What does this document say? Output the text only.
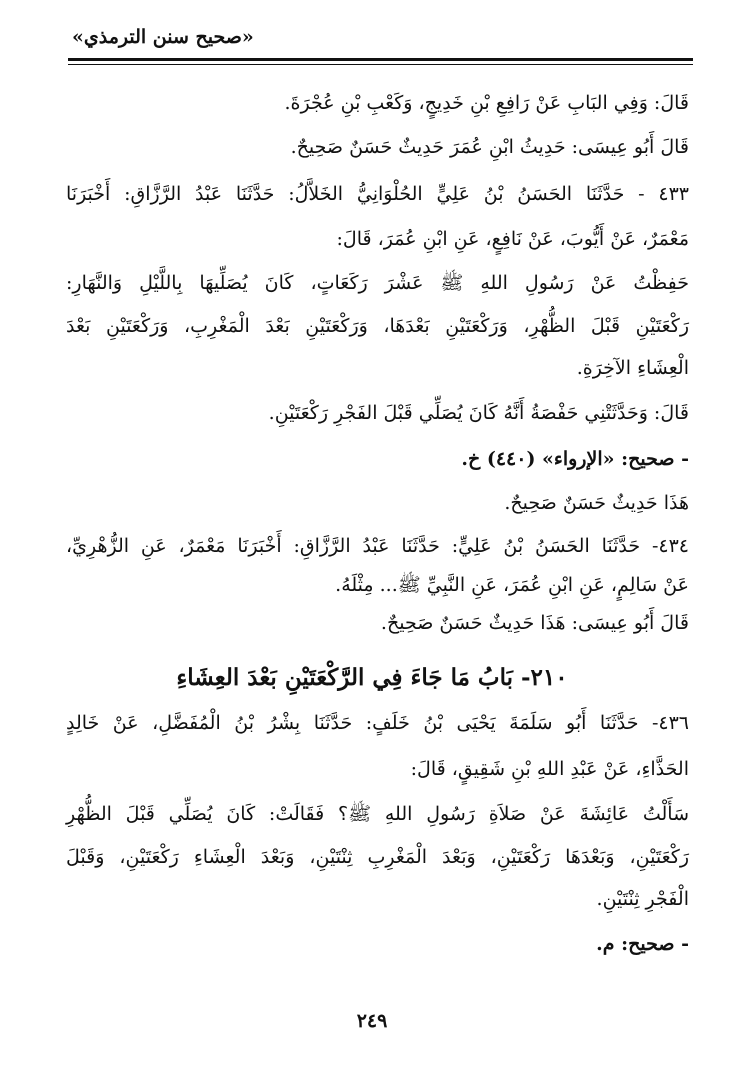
«صحيح سنن الترمذي»
قَالَ: وَفِي البَابِ عَنْ رَافِعِ بْنِ خَدِيجٍ، وَكَعْبِ بْنِ عُجْرَةَ.
قَالَ أَبُو عِيسَى: حَدِيثُ ابْنِ عُمَرَ حَدِيثٌ حَسَنٌ صَحِيحٌ.
٤٣٣ - حَدَّثَنَا الحَسَنُ بْنُ عَلِيٍّ الحُلْوَانِيُّ الخَلاَّلُ: حَدَّثَنَا عَبْدُ الرَّزَّاقِ: أَخْبَرَنَا
مَعْمَرٌ، عَنْ أَيُّوبَ، عَنْ نَافِعٍ، عَنِ ابْنِ عُمَرَ، قَالَ:
حَفِظْتُ عَنْ رَسُولِ اللهِ ﷺ عَشْرَ رَكَعَاتٍ، كَانَ يُصَلِّيهَا بِاللَّيْلِ وَالنَّهَارِ:
رَكْعَتَيْنِ قَبْلَ الظُّهْرِ، وَرَكْعَتَيْنِ بَعْدَهَا، وَرَكْعَتَيْنِ بَعْدَ الْمَغْرِبِ، وَرَكْعَتَيْنِ بَعْدَ
الْعِشَاءِ الآخِرَةِ.
قَالَ: وَحَدَّثَتْنِي حَفْصَةُ أَنَّهُ كَانَ يُصَلِّي قَبْلَ الفَجْرِ رَكْعَتَيْنِ.
- صحيح: «الإرواء» (٤٤٠) خ.
هَذَا حَدِيثٌ حَسَنٌ صَحِيحٌ.
٤٣٤- حَدَّثَنَا الحَسَنُ بْنُ عَلِيٍّ: حَدَّثَنَا عَبْدُ الرَّزَّاقِ: أَخْبَرَنَا مَعْمَرٌ، عَنِ الزُّهْرِيِّ،
عَنْ سَالِمٍ، عَنِ ابْنِ عُمَرَ، عَنِ النَّبِيِّ ﷺ... مِثْلَهُ.
قَالَ أَبُو عِيسَى: هَذَا حَدِيثٌ حَسَنٌ صَحِيحٌ.
٢١٠- بَابُ مَا جَاءَ فِي الرَّكْعَتَيْنِ بَعْدَ العِشَاءِ
٤٣٦- حَدَّثَنَا أَبُو سَلَمَةَ يَحْيَى بْنُ خَلَفٍ: حَدَّثَنَا بِشْرُ بْنُ الْمُفَضَّلِ، عَنْ خَالِدٍ
الحَذَّاءِ، عَنْ عَبْدِ اللهِ بْنِ شَقِيقٍ، قَالَ:
سَأَلْتُ عَائِشَةَ عَنْ صَلاَةِ رَسُولِ اللهِ ﷺ؟ فَقَالَتْ: كَانَ يُصَلِّي قَبْلَ الظُّهْرِ
رَكْعَتَيْنِ، وَبَعْدَهَا رَكْعَتَيْنِ، وَبَعْدَ الْمَغْرِبِ ثِنْتَيْنِ، وَبَعْدَ الْعِشَاءِ رَكْعَتَيْنِ، وَقَبْلَ
الْفَجْرِ ثِنْتَيْنِ.
- صحيح: م.
٢٤٩
